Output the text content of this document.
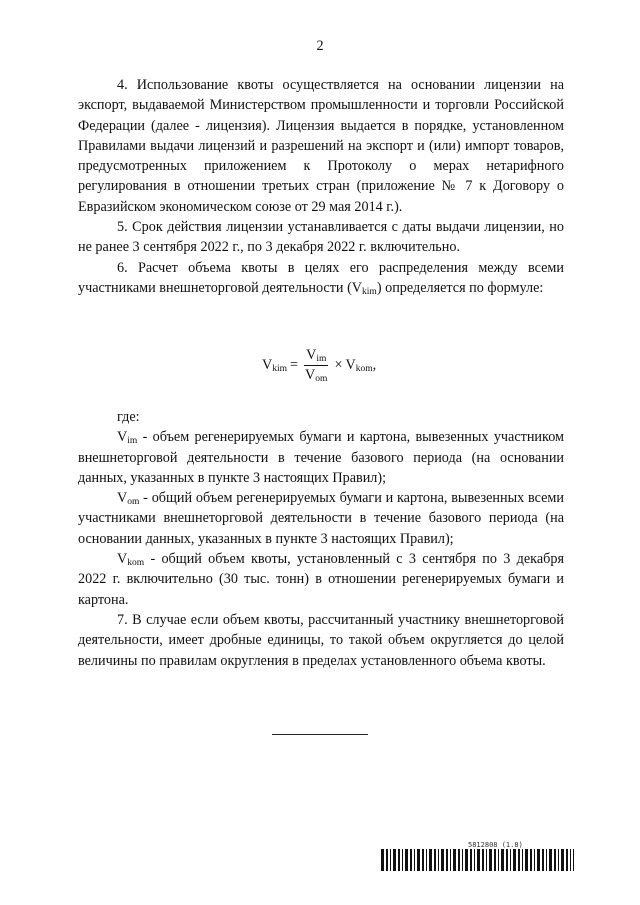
2

4. Использование квоты осуществляется на основании лицензии на экспорт, выдаваемой Министерством промышленности и торговли Российской Федерации (далее - лицензия). Лицензия выдается в порядке, установленном Правилами выдачи лицензий и разрешений на экспорт и (или) импорт товаров, предусмотренных приложением к Протоколу о мерах нетарифного регулирования в отношении третьих стран (приложение № 7 к Договору о Евразийском экономическом союзе от 29 мая 2014 г.).

5. Срок действия лицензии устанавливается с даты выдачи лицензии, но не ранее 3 сентября 2022 г., по 3 декабря 2022 г. включительно.

6. Расчет объема квоты в целях его распределения между всеми участниками внешнеторговой деятельности $(V_{kim})$ определяется по формуле:

$V_{kim} = \frac{V_{im}}{V_{om}} \times V_{kom}$,

где:

$V_{im}$ - объем регенерируемых бумаги и картона, вывезенных участником внешнеторговой деятельности в течение базового периода (на основании данных, указанных в пункте 3 настоящих Правил);

$V_{om}$ - общий объем регенерируемых бумаги и картона, вывезенных всеми участниками внешнеторговой деятельности в течение базового периода (на основании данных, указанных в пункте 3 настоящих Правил);

$V_{kom}$ - общий объем квоты, установленный с 3 сентября по 3 декабря 2022 г. включительно (30 тыс. тонн) в отношении регенерируемых бумаги и картона.

7. В случае если объем квоты, рассчитанный участнику внешнеторговой деятельности, имеет дробные единицы, то такой объем округляется до целой величины по правилам округления в пределах установленного объема квоты.

5812808 (1.8)
